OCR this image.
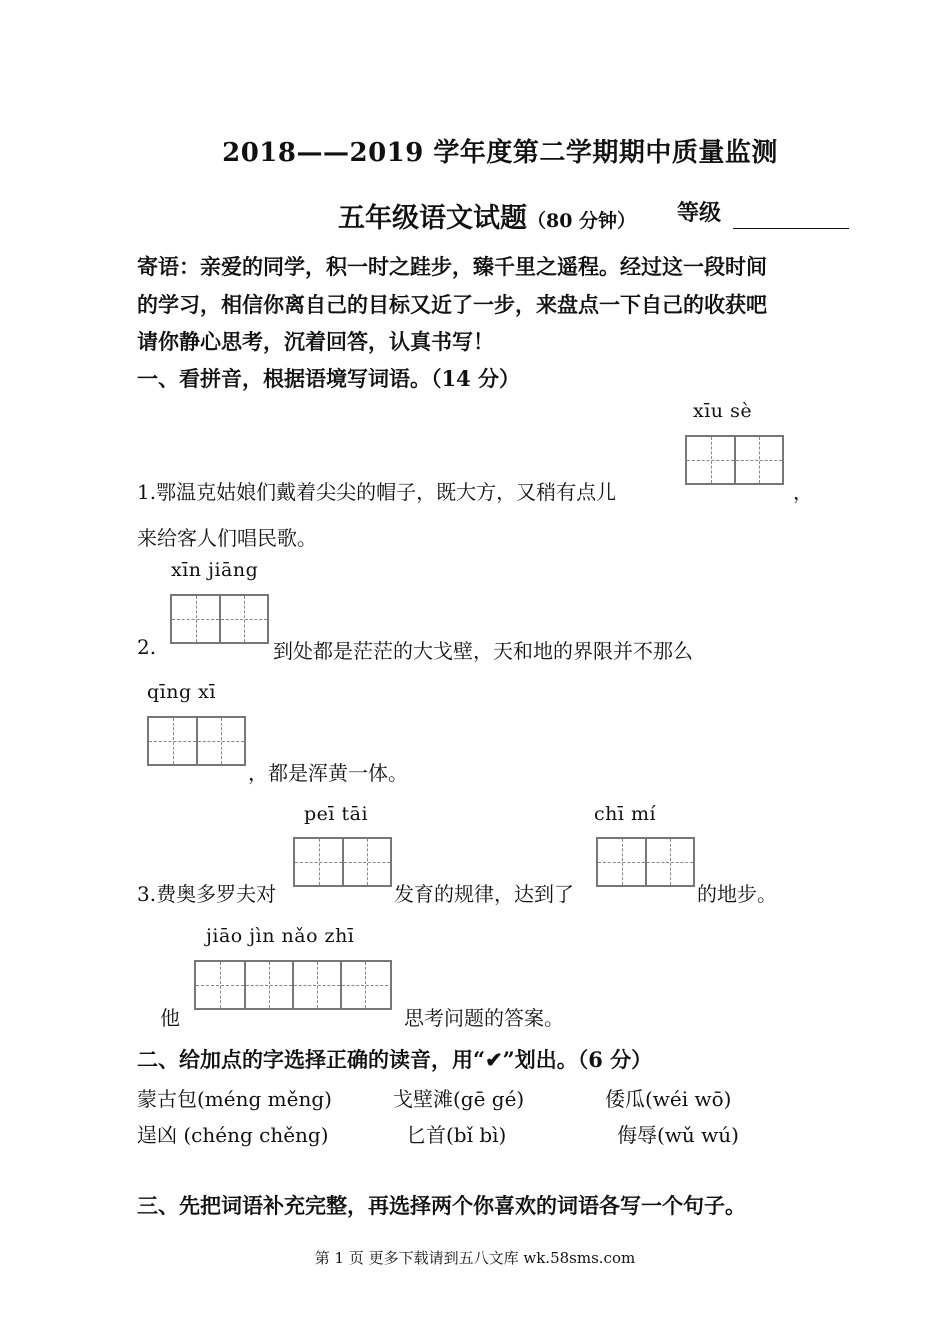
2018——2019 学年度第二学期期中质量监测
五年级语文试题（80 分钟） 等级
寄语：亲爱的同学，积一时之跬步，臻千里之遥程。经过这一段时间
的学习，相信你离自己的目标又近了一步，来盘点一下自己的收获吧
请你静心思考，沉着回答，认真书写！
一、看拼音，根据语境写词语。（14 分）
xīu sè
1.鄂温克姑娘们戴着尖尖的帽子，既大方，又稍有点儿	，
来给客人们唱民歌。
xīn jiāng
2.	到处都是茫茫的大戈壁，天和地的界限并不那么
qīng xī
，都是浑黄一体。
peī tāi	chī mí
3.费奥多罗夫对	发育的规律，达到了	的地步。
jiāo jìn nǎo zhī
他	思考问题的答案。
二、给加点的字选择正确的读音，用“✔”划出。（6 分）
蒙古包(méng měng)	戈壁滩(gē gé)	倭瓜(wéi wō)
逞凶 (chéng chěng)	匕首(bǐ bì)	侮辱(wǔ wú)
三、先把词语补充完整，再选择两个你喜欢的词语各写一个句子。
第 1 页 更多下载请到五八文库 wk.58sms.com
